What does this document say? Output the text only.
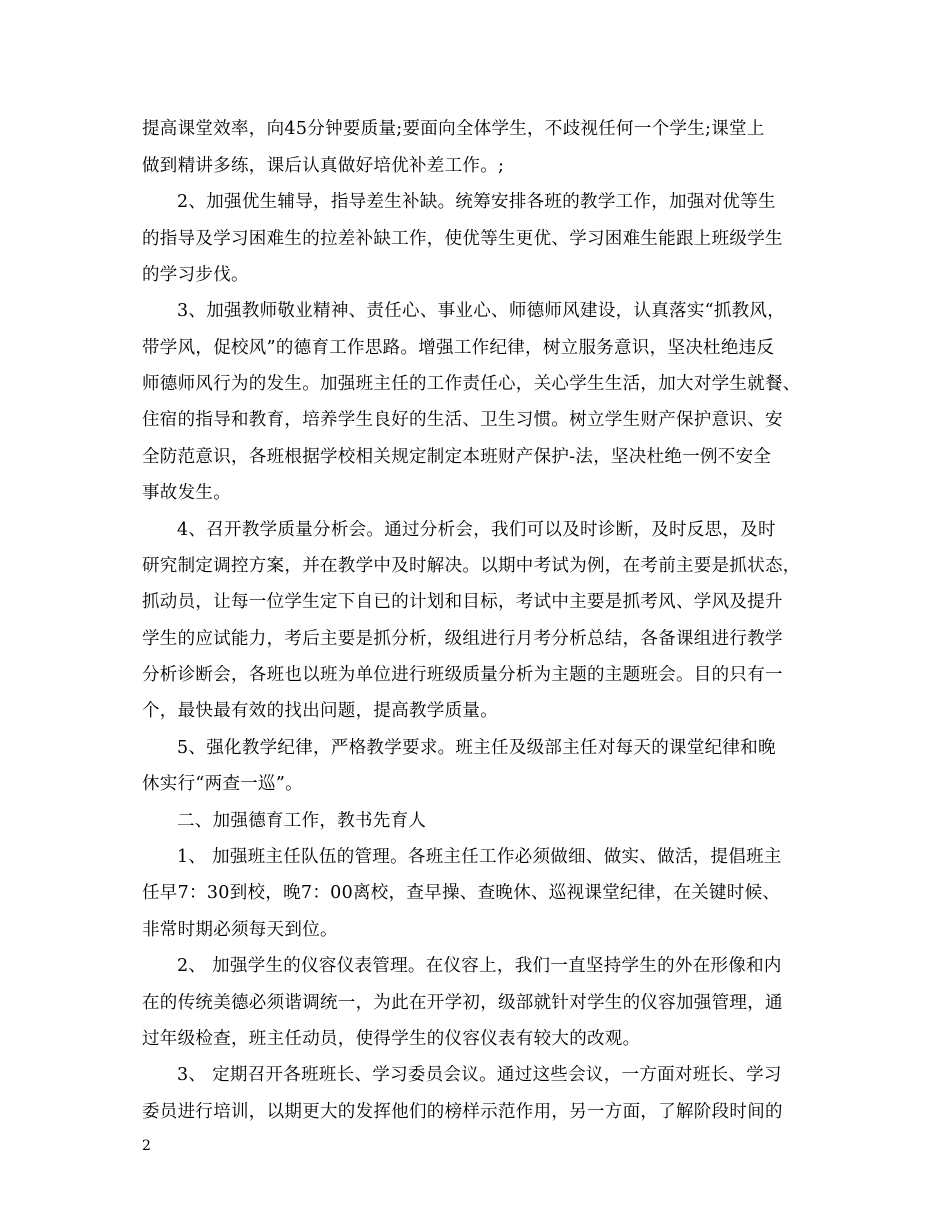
提高课堂效率，向45分钟要质量;要面向全体学生，不歧视任何一个学生;课堂上
做到精讲多练，课后认真做好培优补差工作。;
2、加强优生辅导，指导差生补缺。统筹安排各班的教学工作，加强对优等生
的指导及学习困难生的拉差补缺工作，使优等生更优、学习困难生能跟上班级学生
的学习步伐。
3、加强教师敬业精神、责任心、事业心、师德师风建设，认真落实“抓教风，
带学风，促校风”的德育工作思路。增强工作纪律，树立服务意识，坚决杜绝违反
师德师风行为的发生。加强班主任的工作责任心，关心学生生活，加大对学生就餐、
住宿的指导和教育，培养学生良好的生活、卫生习惯。树立学生财产保护意识、安
全防范意识，各班根据学校相关规定制定本班财产保护-法，坚决杜绝一例不安全
事故发生。
4、召开教学质量分析会。通过分析会，我们可以及时诊断，及时反思，及时
研究制定调控方案，并在教学中及时解决。以期中考试为例，在考前主要是抓状态，
抓动员，让每一位学生定下自已的计划和目标，考试中主要是抓考风、学风及提升
学生的应试能力，考后主要是抓分析，级组进行月考分析总结，各备课组进行教学
分析诊断会，各班也以班为单位进行班级质量分析为主题的主题班会。目的只有一
个，最快最有效的找出问题，提高教学质量。
5、强化教学纪律，严格教学要求。班主任及级部主任对每天的课堂纪律和晚
休实行“两查一巡”。
二、加强德育工作，教书先育人
1、 加强班主任队伍的管理。各班主任工作必须做细、做实、做活，提倡班主
任早7：30到校，晚7：00离校，查早操、查晚休、巡视课堂纪律，在关键时候、
非常时期必须每天到位。
2、 加强学生的仪容仪表管理。在仪容上，我们一直坚持学生的外在形像和内
在的传统美德必须谐调统一，为此在开学初，级部就针对学生的仪容加强管理，通
过年级检查，班主任动员，使得学生的仪容仪表有较大的改观。
3、 定期召开各班班长、学习委员会议。通过这些会议，一方面对班长、学习
委员进行培训，以期更大的发挥他们的榜样示范作用，另一方面，了解阶段时间的
2
